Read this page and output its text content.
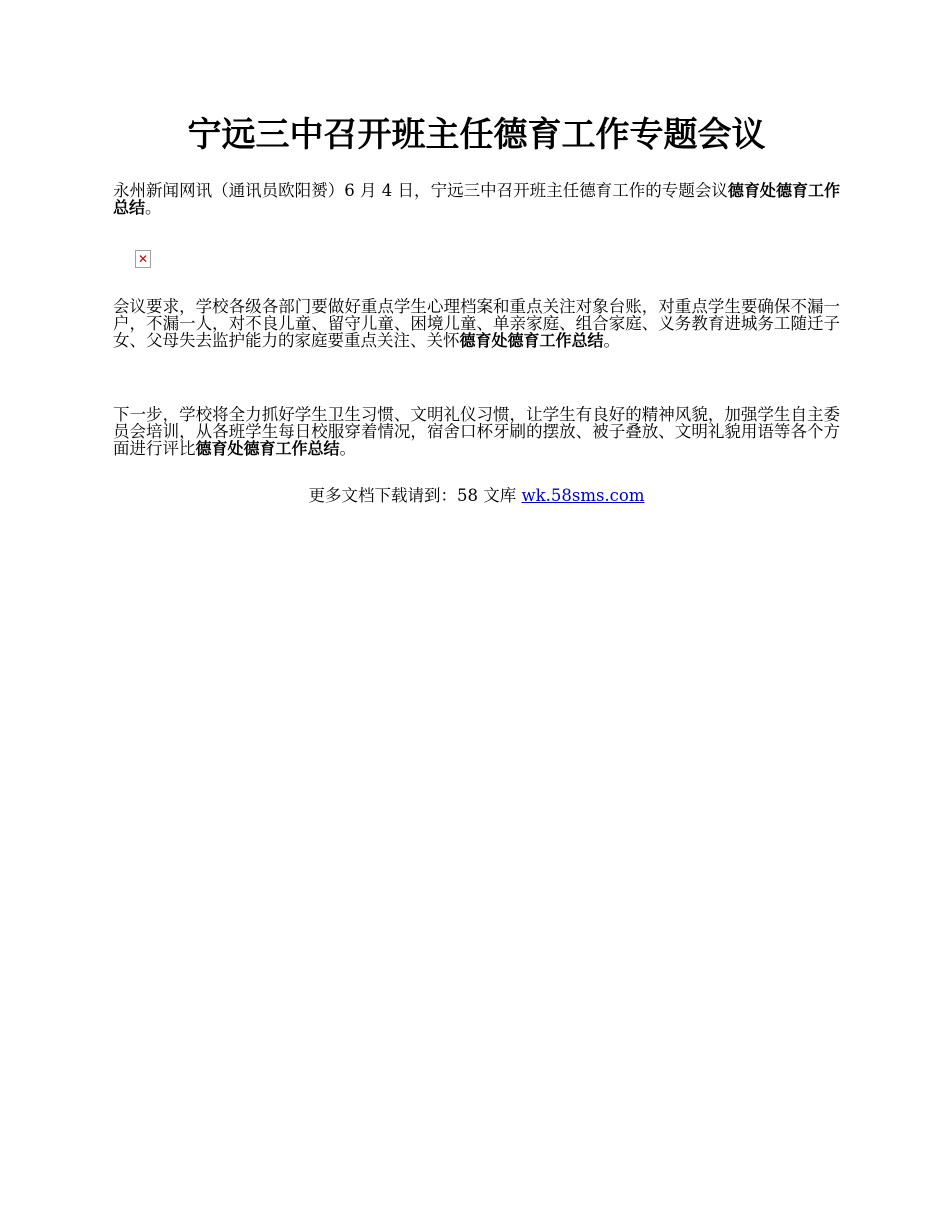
宁远三中召开班主任德育工作专题会议

永州新闻网讯（通讯员欧阳赟）6 月 4 日，宁远三中召开班主任德育工作的专题会议德育处德育工作总结。

✕

会议要求，学校各级各部门要做好重点学生心理档案和重点关注对象台账，对重点学生要确保不漏一户，不漏一人，对不良儿童、留守儿童、困境儿童、单亲家庭、组合家庭、义务教育进城务工随迁子女、父母失去监护能力的家庭要重点关注、关怀德育处德育工作总结。

下一步，学校将全力抓好学生卫生习惯、文明礼仪习惯，让学生有良好的精神风貌，加强学生自主委员会培训，从各班学生每日校服穿着情况，宿舍口杯牙刷的摆放、被子叠放、文明礼貌用语等各个方面进行评比德育处德育工作总结。

更多文档下载请到：58 文库 wk.58sms.com
